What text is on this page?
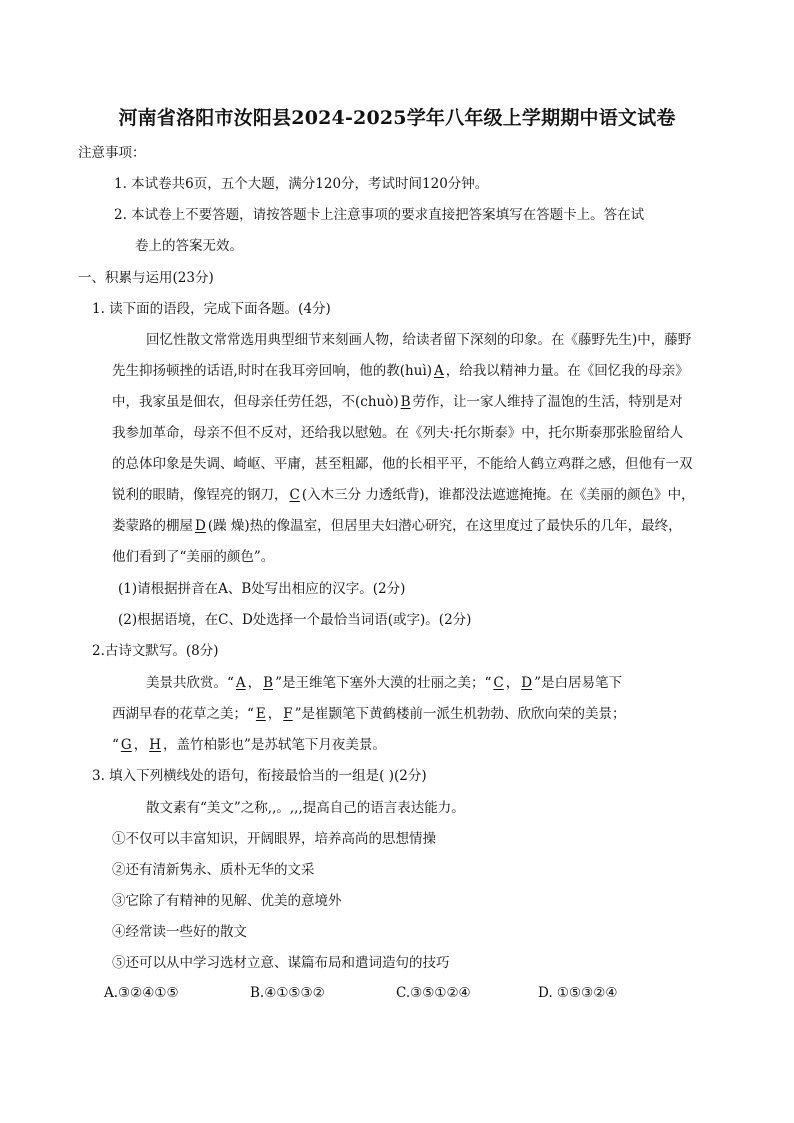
河南省洛阳市汝阳县2024-2025学年八年级上学期期中语文试卷
注意事项：
1. 本试卷共6页，五个大题，满分120分，考试时间120分钟。
2. 本试卷上不要答题，请按答题卡上注意事项的要求直接把答案填写在答题卡上。答在试
卷上的答案无效。
一、积累与运用(23分)
1. 读下面的语段，完成下面各题。(4分)
回忆性散文常常选用典型细节来刻画人物，给读者留下深刻的印象。在《藤野先生)中，藤野
先生抑扬顿挫的话语,时时在我耳旁回响，他的教(huì) A ，给我以精神力量。在《回忆我的母亲》
中，我家虽是佃农，但母亲任劳任怨，不(chuò) B 劳作，让一家人维持了温饱的生活，特别是对
我参加革命，母亲不但不反对，还给我以慰勉。在《列夫·托尔斯泰》中，托尔斯泰那张脸留给人
的总体印象是失调、崎岖、平庸，甚至粗鄙，他的长相平平，不能给人鹤立鸡群之感，但他有一双
锐利的眼睛，像锃亮的钢刀， C (入木三分 力透纸背)，谁都没法遮遮掩掩。在《美丽的颜色》中，
娄蒙路的棚屋 D (躁 燥)热的像温室，但居里夫妇潜心研究，在这里度过了最快乐的几年，最终，
他们看到了“美丽的颜色”。
(1)请根据拼音在A、B处写出相应的汉字。(2分)
(2)根据语境，在C、D处选择一个最恰当词语(或字)。(2分)
2.古诗文默写。(8分)
美景共欣赏。“ A ， B ”是王维笔下塞外大漠的壮丽之美；“ C ， D ”是白居易笔下
西湖早春的花草之美；“ E ， F ”是崔颢笔下黄鹤楼前一派生机勃勃、欣欣向荣的美景；
“ G ， H ，盖竹柏影也”是苏轼笔下月夜美景。
3. 填入下列横线处的语句，衔接最恰当的一组是( )(2分)
散文素有“美文”之称,,。,,,提高自己的语言表达能力。
①不仅可以丰富知识，开阔眼界，培养高尚的思想情操
②还有清新隽永、质朴无华的文采
③它除了有精神的见解、优美的意境外
④经常读一些好的散文
⑤还可以从中学习选材立意、谋篇布局和遣词造句的技巧
A.③②④①⑤	B.④①⑤③②	C.③⑤①②④	D. ①⑤③②④
